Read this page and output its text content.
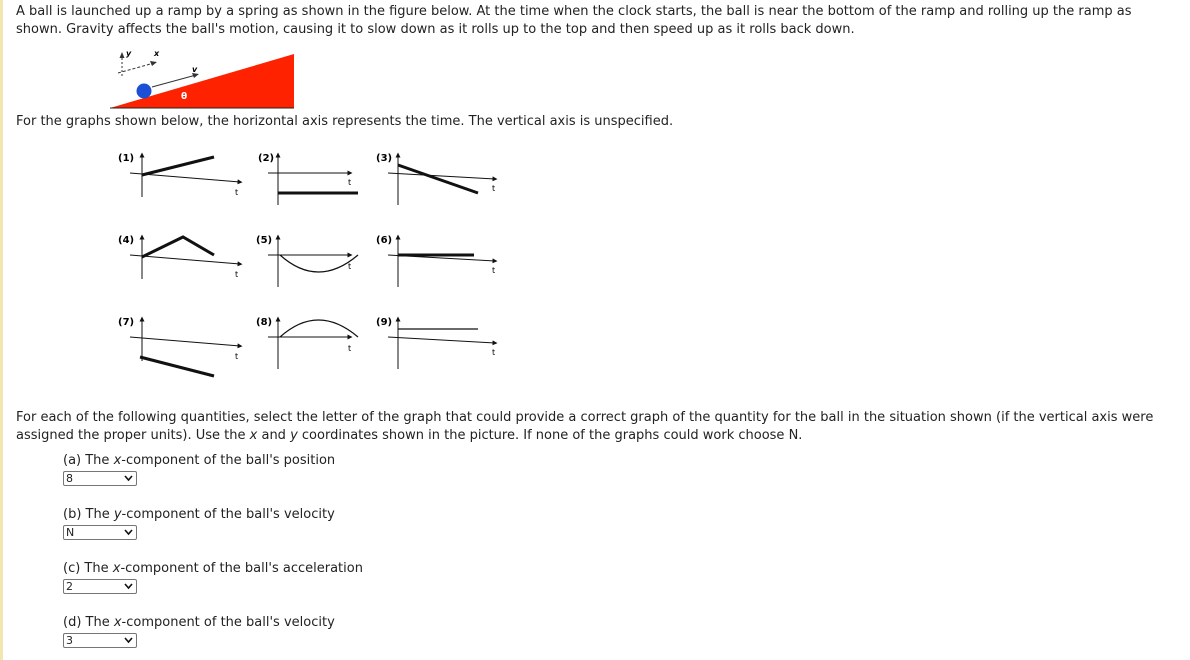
A ball is launched up a ramp by a spring as shown in the figure below. At the time when the clock starts, the ball is near the bottom of the ramp and rolling up the ramp as shown. Gravity affects the ball's motion, causing it to slow down as it rolls up to the top and then speed up as it rolls back down.

y	x
v
θ

For the graphs shown below, the horizontal axis represents the time. The vertical axis is unspecified.

(1)
t
(2)
t
(3)
t
(4)
t
(5)
t
(6)
t
(7)
t
(8)
t
(9)
t

For each of the following quantities, select the letter of the graph that could provide a correct graph of the quantity for the ball in the situation shown (if the vertical axis were assigned the proper units). Use the x and y coordinates shown in the picture. If none of the graphs could work choose N.

(a) The x-component of the ball's position
8
(b) The y-component of the ball's velocity
N
(c) The x-component of the ball's acceleration
2
(d) The x-component of the ball's velocity
3
